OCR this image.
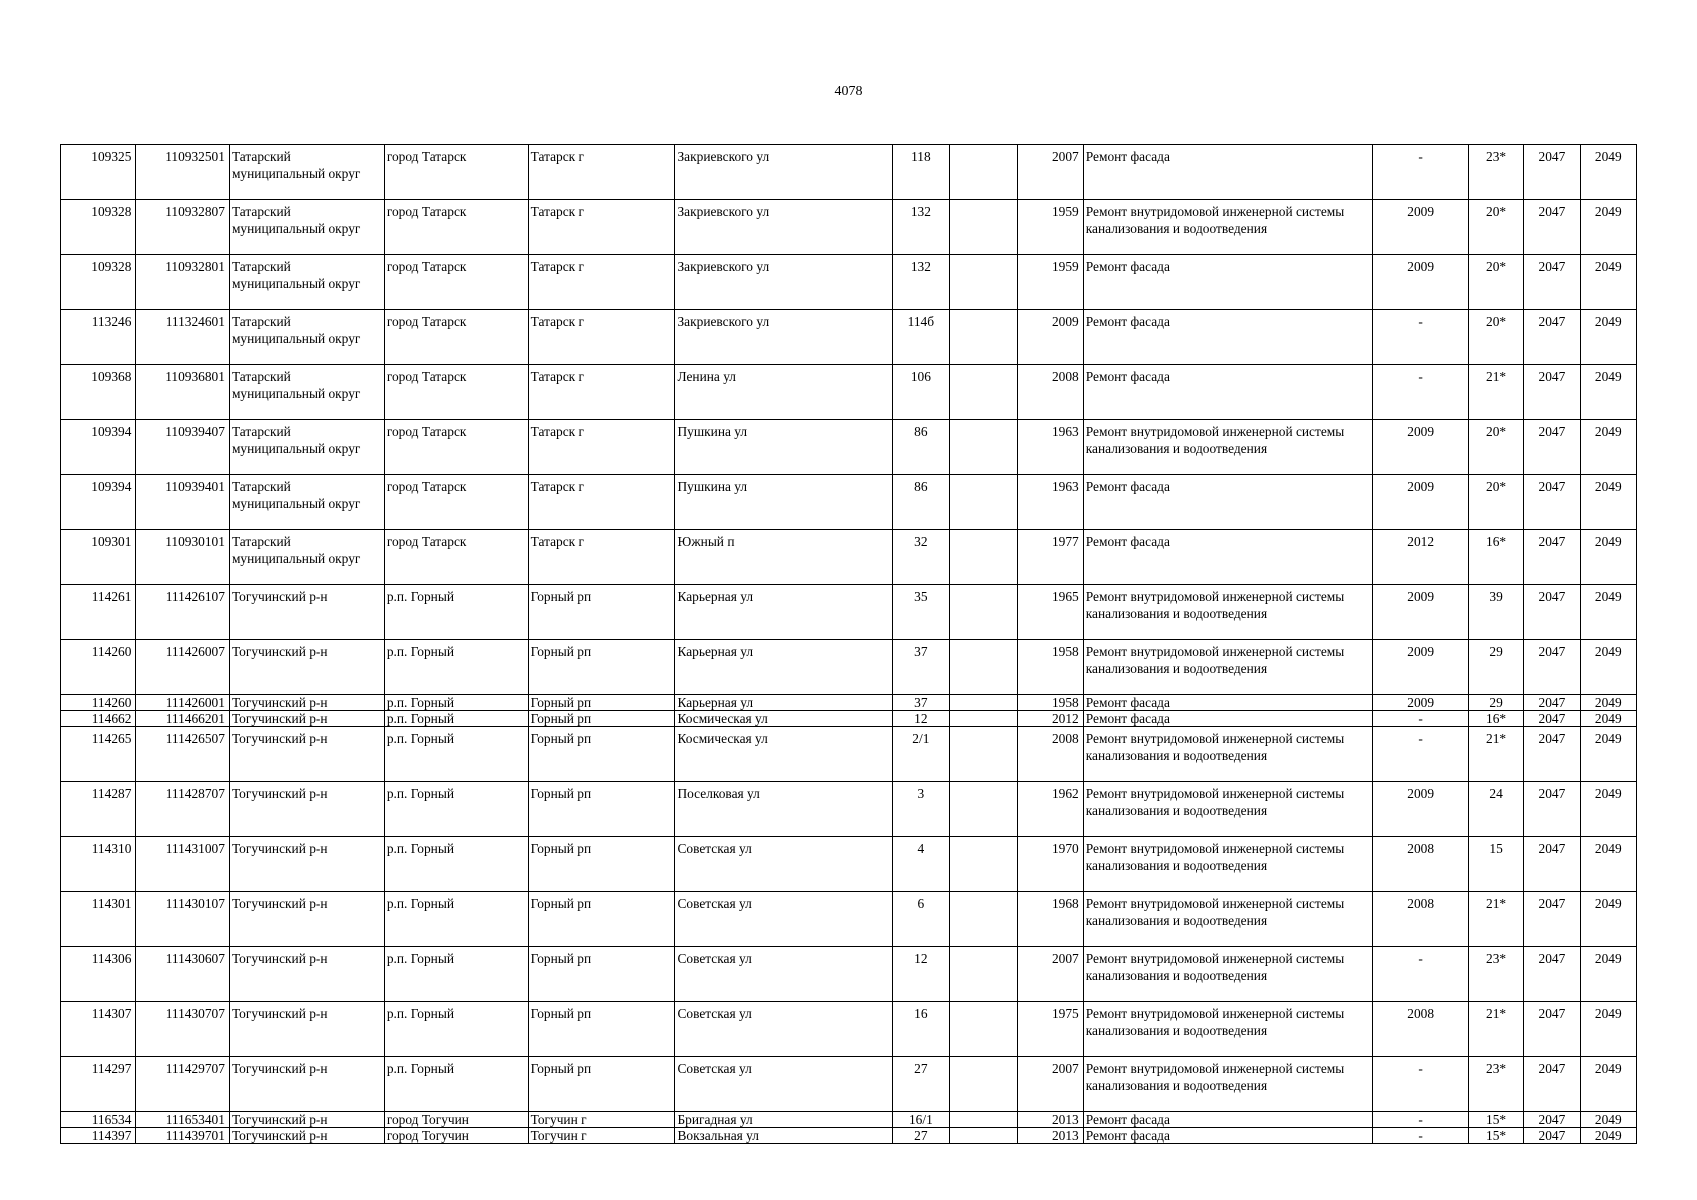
4078
109325	110932501	Татарский муниципальный округ	город Татарск	Татарск г	Закриевского ул	118		2007	Ремонт фасада	-	23*	2047	2049
109328	110932807	Татарский муниципальный округ	город Татарск	Татарск г	Закриевского ул	132		1959	Ремонт внутридомовой инженерной системы канализования и водоотведения	2009	20*	2047	2049
109328	110932801	Татарский муниципальный округ	город Татарск	Татарск г	Закриевского ул	132		1959	Ремонт фасада	2009	20*	2047	2049
113246	111324601	Татарский муниципальный округ	город Татарск	Татарск г	Закриевского ул	114б		2009	Ремонт фасада	-	20*	2047	2049
109368	110936801	Татарский муниципальный округ	город Татарск	Татарск г	Ленина ул	106		2008	Ремонт фасада	-	21*	2047	2049
109394	110939407	Татарский муниципальный округ	город Татарск	Татарск г	Пушкина ул	86		1963	Ремонт внутридомовой инженерной системы канализования и водоотведения	2009	20*	2047	2049
109394	110939401	Татарский муниципальный округ	город Татарск	Татарск г	Пушкина ул	86		1963	Ремонт фасада	2009	20*	2047	2049
109301	110930101	Татарский муниципальный округ	город Татарск	Татарск г	Южный п	32		1977	Ремонт фасада	2012	16*	2047	2049
114261	111426107	Тогучинский р-н	р.п. Горный	Горный рп	Карьерная ул	35		1965	Ремонт внутридомовой инженерной системы канализования и водоотведения	2009	39	2047	2049
114260	111426007	Тогучинский р-н	р.п. Горный	Горный рп	Карьерная ул	37		1958	Ремонт внутридомовой инженерной системы канализования и водоотведения	2009	29	2047	2049
114260	111426001	Тогучинский р-н	р.п. Горный	Горный рп	Карьерная ул	37		1958	Ремонт фасада	2009	29	2047	2049
114662	111466201	Тогучинский р-н	р.п. Горный	Горный рп	Космическая ул	12		2012	Ремонт фасада	-	16*	2047	2049
114265	111426507	Тогучинский р-н	р.п. Горный	Горный рп	Космическая ул	2/1		2008	Ремонт внутридомовой инженерной системы канализования и водоотведения	-	21*	2047	2049
114287	111428707	Тогучинский р-н	р.п. Горный	Горный рп	Поселковая ул	3		1962	Ремонт внутридомовой инженерной системы канализования и водоотведения	2009	24	2047	2049
114310	111431007	Тогучинский р-н	р.п. Горный	Горный рп	Советская ул	4		1970	Ремонт внутридомовой инженерной системы канализования и водоотведения	2008	15	2047	2049
114301	111430107	Тогучинский р-н	р.п. Горный	Горный рп	Советская ул	6		1968	Ремонт внутридомовой инженерной системы канализования и водоотведения	2008	21*	2047	2049
114306	111430607	Тогучинский р-н	р.п. Горный	Горный рп	Советская ул	12		2007	Ремонт внутридомовой инженерной системы канализования и водоотведения	-	23*	2047	2049
114307	111430707	Тогучинский р-н	р.п. Горный	Горный рп	Советская ул	16		1975	Ремонт внутридомовой инженерной системы канализования и водоотведения	2008	21*	2047	2049
114297	111429707	Тогучинский р-н	р.п. Горный	Горный рп	Советская ул	27		2007	Ремонт внутридомовой инженерной системы канализования и водоотведения	-	23*	2047	2049
116534	111653401	Тогучинский р-н	город Тогучин	Тогучин г	Бригадная ул	16/1		2013	Ремонт фасада	-	15*	2047	2049
114397	111439701	Тогучинский р-н	город Тогучин	Тогучин г	Вокзальная ул	27		2013	Ремонт фасада	-	15*	2047	2049
